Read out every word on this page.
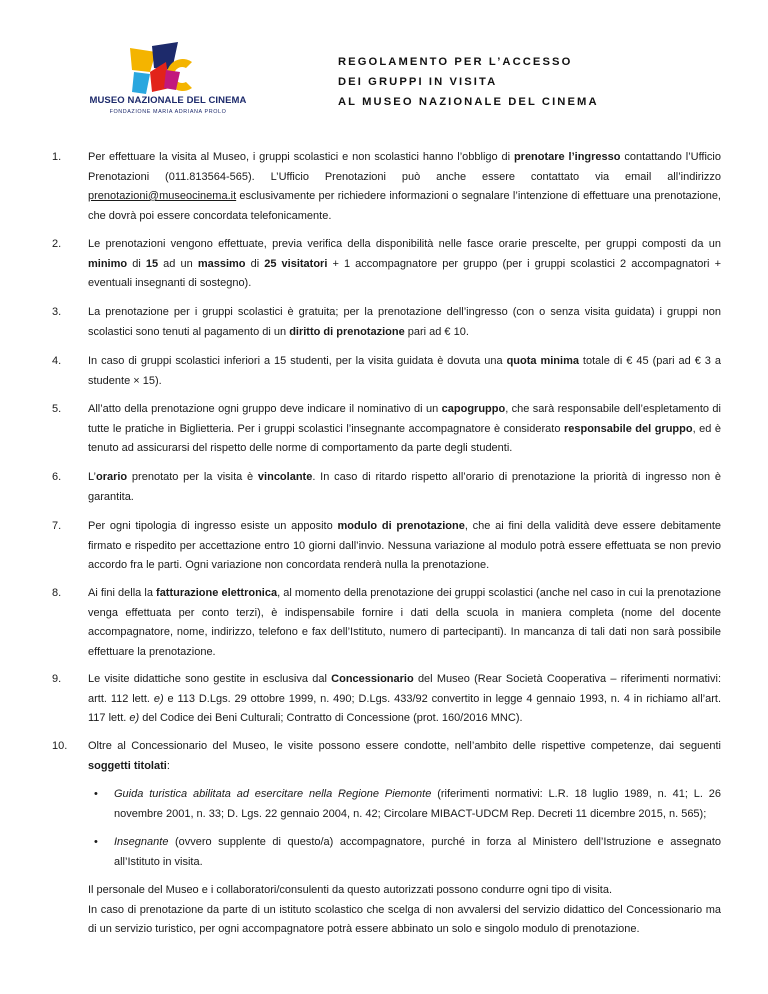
MUSEO NAZIONALE DEL CINEMA
FONDAZIONE MARIA ADRIANA PROLO
REGOLAMENTO PER L’ACCESSO
DEI GRUPPI IN VISITA
AL MUSEO NAZIONALE DEL CINEMA
1.	Per effettuare la visita al Museo, i gruppi scolastici e non scolastici hanno l’obbligo di prenotare l’ingresso contattando l’Ufficio Prenotazioni (011.813564-565). L’Ufficio Prenotazioni può anche essere contattato via email all’indirizzo prenotazioni@museocinema.it esclusivamente per richiedere informazioni o segnalare l’intenzione di effettuare una prenotazione, che dovrà poi essere concordata telefonicamente.
2.	Le prenotazioni vengono effettuate, previa verifica della disponibilità nelle fasce orarie prescelte, per gruppi composti da un minimo di 15 ad un massimo di 25 visitatori + 1 accompagnatore per gruppo (per i gruppi scolastici 2 accompagnatori + eventuali insegnanti di sostegno).
3.	La prenotazione per i gruppi scolastici è gratuita; per la prenotazione dell’ingresso (con o senza visita guidata) i gruppi non scolastici sono tenuti al pagamento di un diritto di prenotazione pari ad € 10.
4.	In caso di gruppi scolastici inferiori a 15 studenti, per la visita guidata è dovuta una quota minima totale di € 45 (pari ad € 3 a studente × 15).
5.	All’atto della prenotazione ogni gruppo deve indicare il nominativo di un capogruppo, che sarà responsabile dell’espletamento di tutte le pratiche in Biglietteria. Per i gruppi scolastici l’insegnante accompagnatore è considerato responsabile del gruppo, ed è tenuto ad assicurarsi del rispetto delle norme di comportamento da parte degli studenti.
6.	L’orario prenotato per la visita è vincolante. In caso di ritardo rispetto all’orario di prenotazione la priorità di ingresso non è garantita.
7.	Per ogni tipologia di ingresso esiste un apposito modulo di prenotazione, che ai fini della validità deve essere debitamente firmato e rispedito per accettazione entro 10 giorni dall’invio. Nessuna variazione al modulo potrà essere effettuata se non previo accordo fra le parti. Ogni variazione non concordata renderà nulla la prenotazione.
8.	Ai fini della la fatturazione elettronica, al momento della prenotazione dei gruppi scolastici (anche nel caso in cui la prenotazione venga effettuata per conto terzi), è indispensabile fornire i dati della scuola in maniera completa (nome del docente accompagnatore, nome, indirizzo, telefono e fax dell’Istituto, numero di partecipanti). In mancanza di tali dati non sarà possibile effettuare la prenotazione.
9.	Le visite didattiche sono gestite in esclusiva dal Concessionario del Museo (Rear Società Cooperativa – riferimenti normativi: artt. 112 lett. e) e 113 D.Lgs. 29 ottobre 1999, n. 490; D.Lgs. 433/92 convertito in legge 4 gennaio 1993, n. 4 in richiamo all’art. 117 lett. e) del Codice dei Beni Culturali; Contratto di Concessione (prot. 160/2016 MNC).
10.	Oltre al Concessionario del Museo, le visite possono essere condotte, nell’ambito delle rispettive competenze, dai seguenti soggetti titolati:

• Guida turistica abilitata ad esercitare nella Regione Piemonte (riferimenti normativi: L.R. 18 luglio 1989, n. 41; L. 26 novembre 2001, n. 33; D. Lgs. 22 gennaio 2004, n. 42; Circolare MIBACT-UDCM Rep. Decreti 11 dicembre 2015, n. 565);

• Insegnante (ovvero supplente di questo/a) accompagnatore, purché in forza al Ministero dell’Istruzione e assegnato all’Istituto in visita.

Il personale del Museo e i collaboratori/consulenti da questo autorizzati possono condurre ogni tipo di visita.

In caso di prenotazione da parte di un istituto scolastico che scelga di non avvalersi del servizio didattico del Concessionario ma di un servizio turistico, per ogni accompagnatore potrà essere abbinato un solo e singolo modulo di prenotazione.
